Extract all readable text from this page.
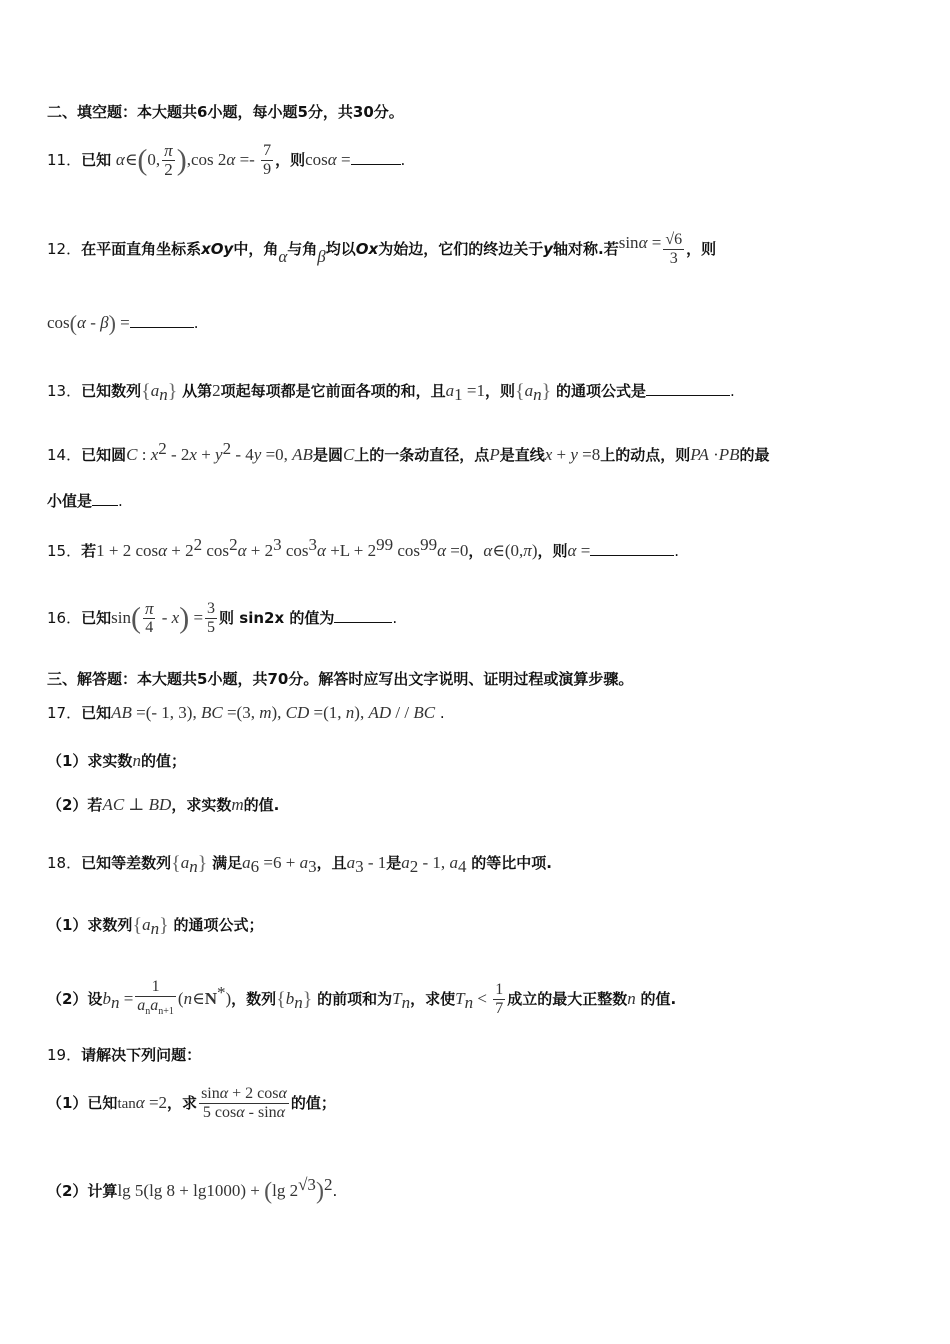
二、填空题：本大题共6小题，每小题5分，共30分。
11．已知 α∈(0, $\frac{\pi}{2} ),\cos$ $2\alpha =- \frac{7}{9}$ ，则cosα =	.
12．在平面直角坐标系xOy中，角α与角β均以Ox为始边，它们的终边关于y轴对称.若$\sin\alpha = \frac{√6}{3}$ ，则
cos(α - β) =	.
13．已知数列$\{a_n\}$ 从第2项起每项都是它前面各项的和，且$a_1 =1$，则$\{a_n\}$ 的通项公式是	.
14．已知圆C : $x^2 - 2x + y^2 - 4y =0$, AB是圆C上的一条动直径，点P是直线x + y =8上的动点，则PA ·PB的最
小值是 .
15．若1 + 2 $\cos\alpha + 2^2$ $\cos^2\alpha + 2^3$ $\cos^3\alpha +L + 2^{99}$ $\cos^{99}\alpha =0$，α∈(0,π)，则α =	.
16．已知$\sin( \frac{\pi}{4} - x) = \frac{3}{5}$ 则 sin2x 的值为	.
三、解答题：本大题共5小题，共70分。解答时应写出文字说明、证明过程或演算步骤。
17．已知AB =(- 1, 3), BC =(3, m), CD =(1, n), AD / / BC .
（1）求实数n的值；
（2）若AC ⊥ BD，求实数m的值.
18．已知等差数列$\{a_n\}$ 满足$a_6 =6 + a_3$，且$a_3 - 1$是$a_2 - 1$, $a_4$ 的等比中项.
（1）求数列$\{a_n\}$ 的通项公式；
（2）设$b_n = \frac{1}{a_na_{n+1}}$ (n∈N*)，数列$\{b_n\}$ 的前项和为$T_n$，求使$T_n < \frac{1}{7}$ 成立的最大正整数n 的值.
19．请解决下列问题：
（1）已知tanα =2，求 $\frac{\sin\alpha + 2 \cos\alpha}{5 \cos\alpha - \sin\alpha}$ 的值；
（2）计算lg 5(lg 8 + lg1000) + (lg $2^{√3})^2$.
